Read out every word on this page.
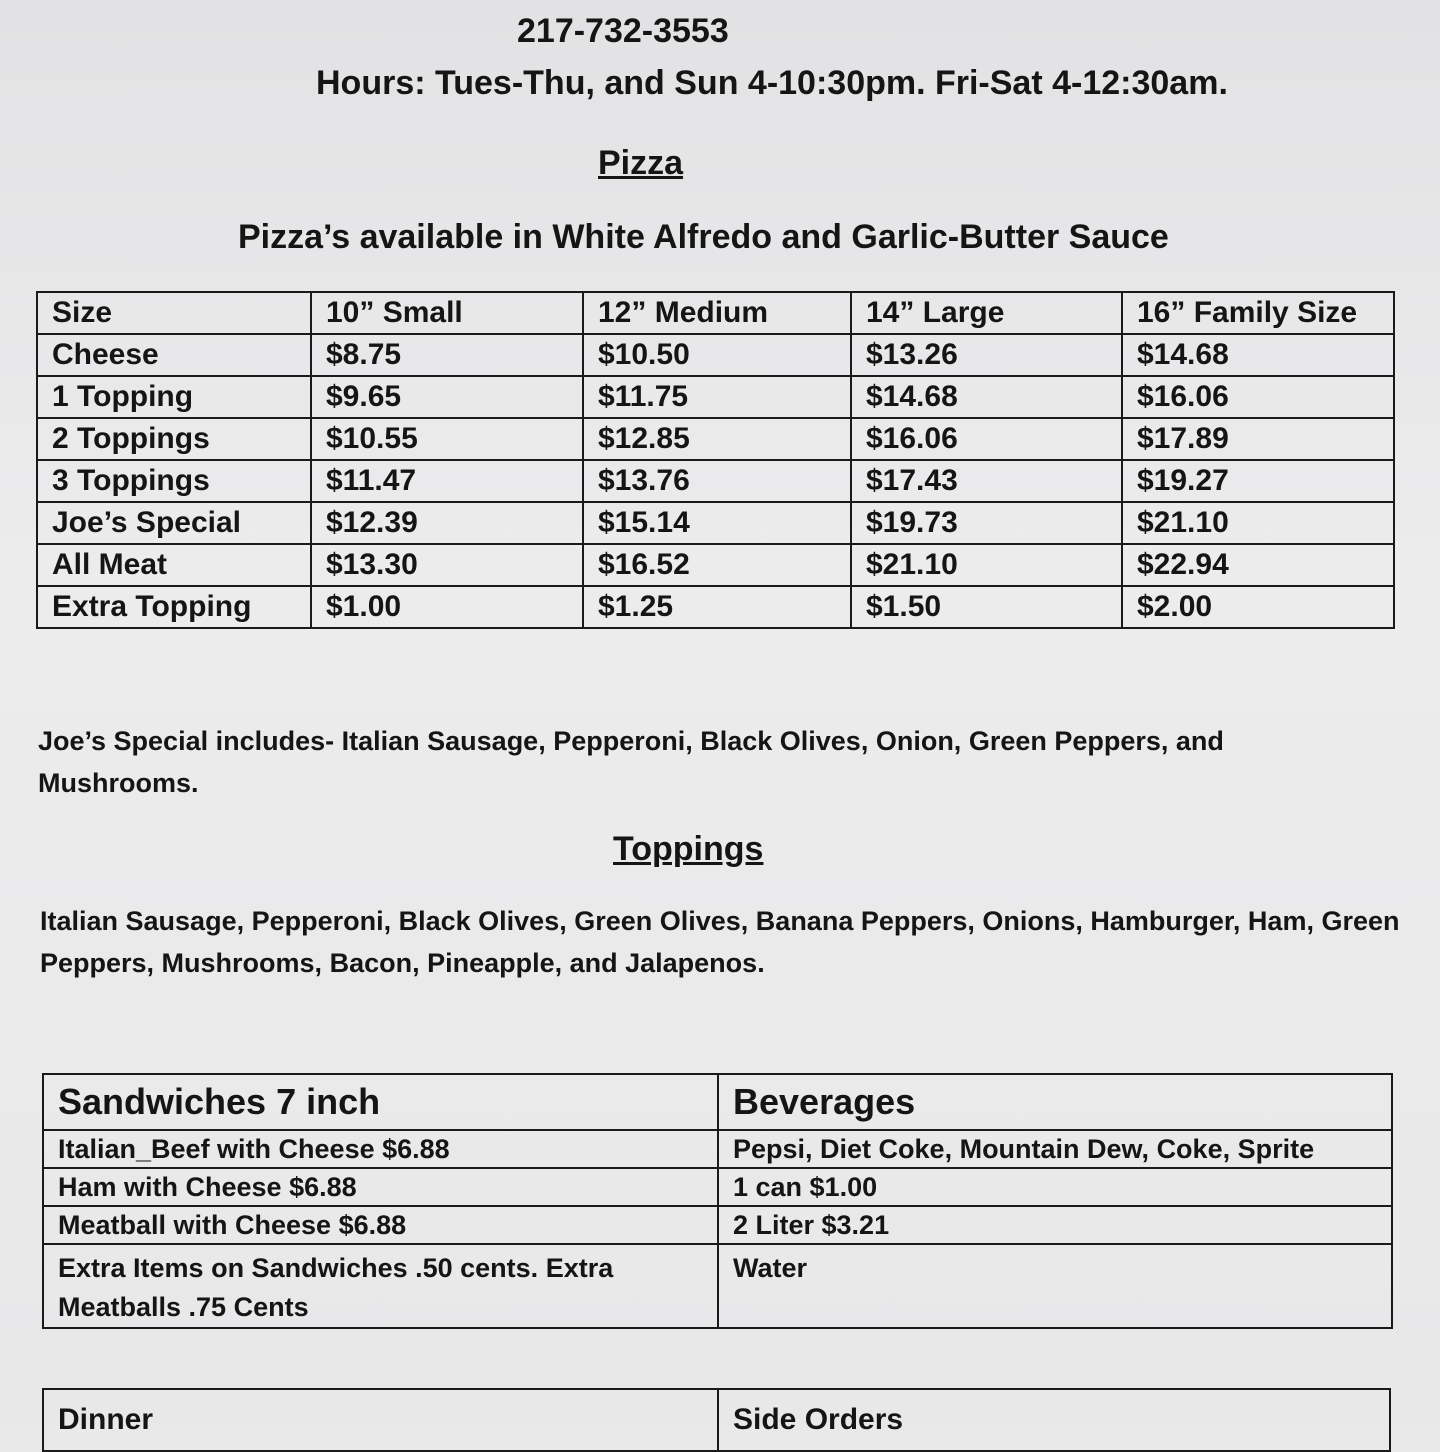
217-732-3553
Hours: Tues-Thu, and Sun 4-10:30pm. Fri-Sat 4-12:30am.
Pizza
Pizza’s available in White Alfredo and Garlic-Butter Sauce
Size	10” Small	12” Medium	14” Large	16” Family Size
Cheese	$8.75	$10.50	$13.26	$14.68
1 Topping	$9.65	$11.75	$14.68	$16.06
2 Toppings	$10.55	$12.85	$16.06	$17.89
3 Toppings	$11.47	$13.76	$17.43	$19.27
Joe’s Special	$12.39	$15.14	$19.73	$21.10
All Meat	$13.30	$16.52	$21.10	$22.94
Extra Topping	$1.00	$1.25	$1.50	$2.00
Joe’s Special includes- Italian Sausage, Pepperoni, Black Olives, Onion, Green Peppers, and Mushrooms.
Toppings
Italian Sausage, Pepperoni, Black Olives, Green Olives, Banana Peppers, Onions, Hamburger, Ham, Green Peppers, Mushrooms, Bacon, Pineapple, and Jalapenos.
Sandwiches 7 inch	Beverages
Italian_Beef with Cheese $6.88	Pepsi, Diet Coke, Mountain Dew, Coke, Sprite
Ham with Cheese $6.88	1 can $1.00
Meatball with Cheese $6.88	2 Liter $3.21
Extra Items on Sandwiches .50 cents. Extra Meatballs .75 Cents	Water
Dinner	Side Orders
